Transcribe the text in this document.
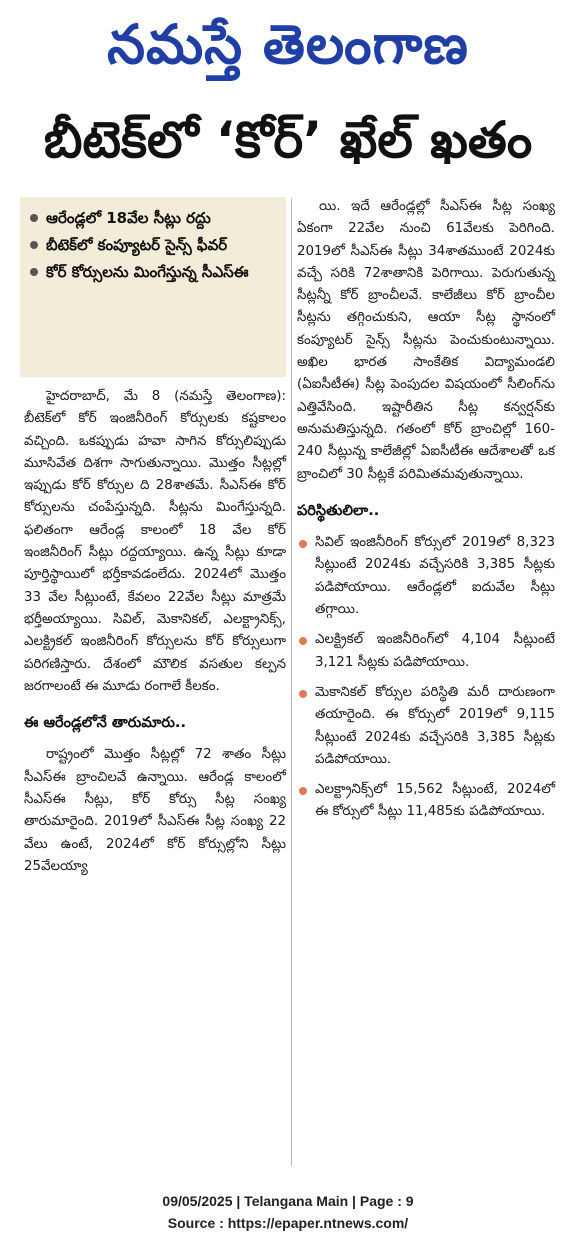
నమస్తే తెలంగాణ
బీటెక్‌లో ‘కోర్‌’ ఖేల్‌ ఖతం
ఆరేండ్లలో 18వేల సీట్లు రద్దు
బీటెక్‌లో కంప్యూటర్‌ సైన్స్‌ ఫీవర్‌
కోర్‌ కోర్సులను మింగేస్తున్న సీఎస్‌ఈ

హైదరాబాద్‌, మే 8 (నమస్తే తెలంగాణ): బీటెక్‌లో కోర్‌ ఇంజినీరింగ్‌ కోర్సులకు కష్టకాలం వచ్చింది. ఒకప్పుడు హవా సాగిన కోర్సులిప్పుడు మూసివేత దిశగా సాగుతున్నాయి. మొత్తం సీట్లల్లో ఇప్పుడు కోర్‌ కోర్సుల ది 28శాతమే. సీఎస్‌ఈ కోర్‌ కోర్సులను చంపేస్తున్నది. సీట్లను మింగేస్తున్నది. ఫలితంగా ఆరేండ్ల కాలంలో 18 వేల కోర్‌ ఇంజినీరింగ్‌ సీట్లు రద్దయ్యాయి. ఉన్న సీట్లు కూడా పూర్తిస్థాయిలో భర్తీకావడంలేదు. 2024లో మొత్తం 33 వేల సీట్లుంటే, కేవలం 22వేల సీట్లు మాత్రమే భర్తీఅయ్యాయి. సివిల్‌, మెకానికల్‌, ఎలక్ట్రానిక్స్‌, ఎలక్ట్రికల్‌ ఇంజినీరింగ్‌ కోర్సులను కోర్‌ కోర్సులుగా పరిగణిస్తారు. దేశంలో మౌలిక వసతుల కల్పన జరగాలంటే ఈ మూడు రంగాలే కీలకం.

ఈ ఆరేండ్లలోనే తారుమారు..

రాష్ట్రంలో మొత్తం సీట్లల్లో 72 శాతం సీట్లు సీఎస్‌ఈ బ్రాంచిలవే ఉన్నాయి. ఆరేండ్ల కాలంలో సీఎస్‌ఈ సీట్లు, కోర్‌ కోర్సు సీట్ల సంఖ్య తారుమారైంది. 2019లో సీఎస్‌ఈ సీట్ల సంఖ్య 22 వేలు ఉంటే, 2024లో కోర్‌ కోర్సుల్లోని సీట్లు 25వేలయ్యా

యి. ఇదే ఆరేండ్లల్లో సీఎస్‌ఈ సీట్ల సంఖ్య ఏకంగా 22వేల నుంచి 61వేలకు పెరిగింది. 2019లో సీఎస్‌ఈ సీట్లు 34శాతముంటే 2024కు వచ్చే సరికి 72శాతానికి పెరిగాయి. పెరుగుతున్న సీట్లన్నీ కోర్‌ బ్రాంచీలవే. కాలేజీలు కోర్‌ బ్రాంచీల సీట్లను తగ్గించుకుని, ఆయా సీట్ల స్థానంలో కంప్యూటర్‌ సైన్స్‌ సీట్లను పెంచుకుంటున్నాయి. అఖిల భారత సాంకేతిక విద్యామండలి (ఏఐసీటీఈ) సీట్ల పెంపుదల విషయంలో సీలింగ్‌ను ఎత్తివేసింది. ఇష్టారీతిన సీట్ల కన్వర్షన్‌కు అనుమతిస్తున్నది. గతంలో కోర్‌ బ్రాంచిల్లో 160-240 సీట్లున్న కాలేజీల్లో ఏఐసీటీఈ ఆదేశాలతో ఒక బ్రాంచిలో 30 సీట్లకే పరిమితమవుతున్నాయి.

పరిస్థితులిలా..
సివిల్‌ ఇంజినీరింగ్‌ కోర్సులో 2019లో 8,323 సీట్లుంటే 2024కు వచ్చేసరికి 3,385 సీట్లకు పడిపోయాయి. ఆరేండ్లలో ఐదువేల సీట్లు తగ్గాయి.
ఎలక్ట్రికల్‌ ఇంజినీరింగ్‌లో 4,104 సీట్లుంటే 3,121 సీట్లకు పడిపోయాయి.
మెకానికల్‌ కోర్సుల పరిస్థితి మరీ దారుణంగా తయారైంది. ఈ కోర్సులో 2019లో 9,115 సీట్లుంటే 2024కు వచ్చేసరికి 3,385 సీట్లకు పడిపోయాయి.
ఎలక్ట్రానిక్స్‌లో 15,562 సీట్లుంటే, 2024లో ఈ కోర్సులో సీట్లు 11,485కు పడిపోయాయి.
09/05/2025 | Telangana Main | Page : 9
Source : https://epaper.ntnews.com/
